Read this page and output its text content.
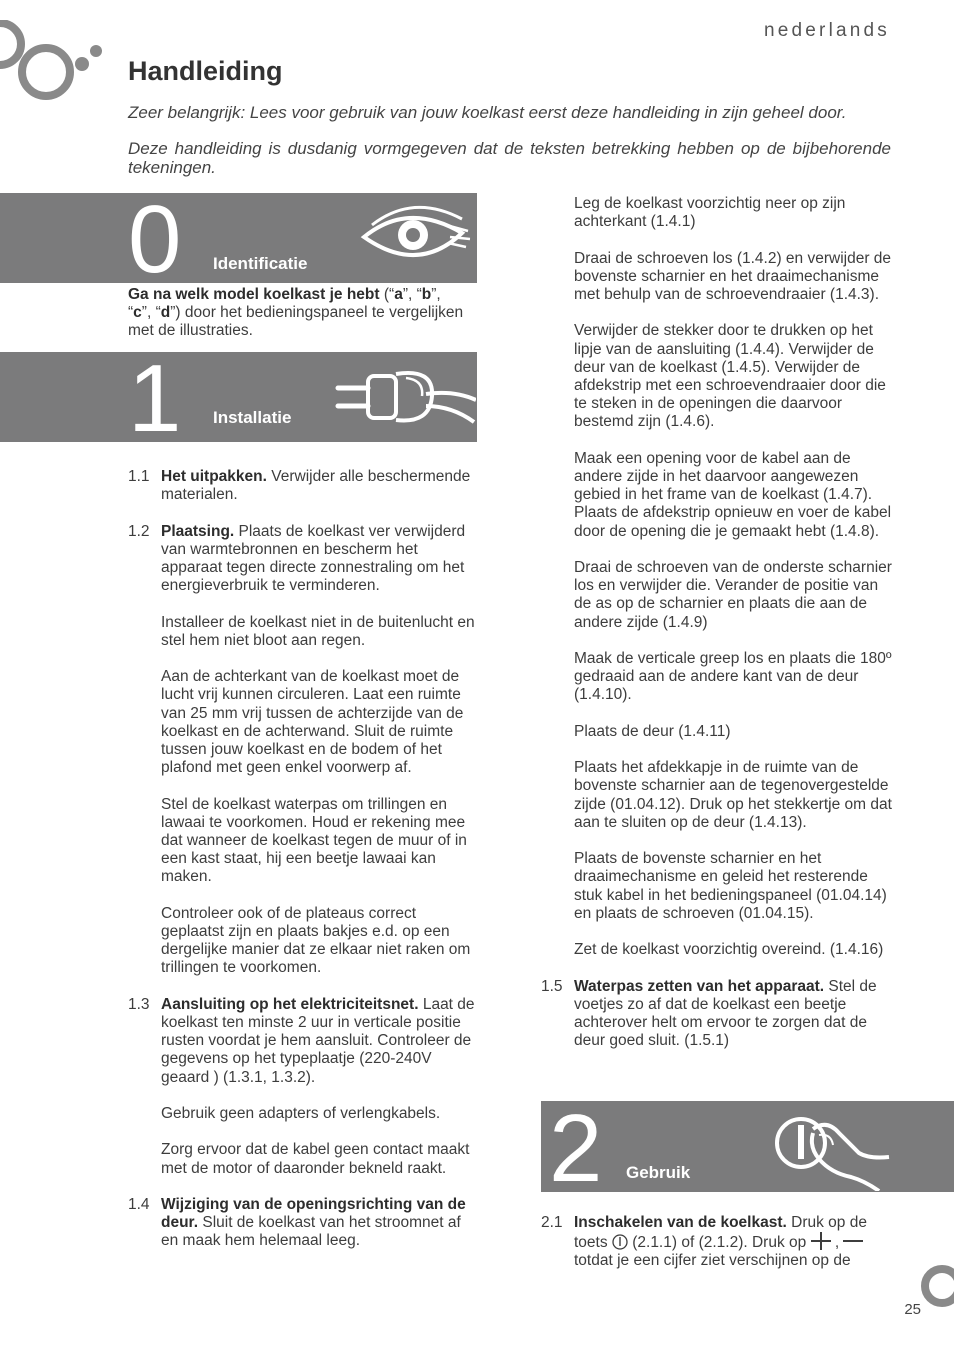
nederlands
Handleiding
Zeer belangrijk: Lees voor gebruik van jouw koelkast eerst deze handleiding in zijn geheel door.
Deze handleiding is dusdanig vormgegeven dat de teksten betrekking hebben op de bijbehorende tekeningen.
0 Identificatie
Ga na welk model koelkast je hebt (“a”, “b”,
“c”, “d”) door het bedieningspaneel te vergelijken met de illustraties.
1 Installatie
1.1 Het uitpakken. Verwijder alle beschermende materialen.
1.2 Plaatsing. Plaats de koelkast ver verwijderd van warmtebronnen en bescherm het apparaat tegen directe zonnestraling om het energieverbruik te verminderen.

Installeer de koelkast niet in de buitenlucht en stel hem niet bloot aan regen.

Aan de achterkant van de koelkast moet de lucht vrij kunnen circuleren. Laat een ruimte van 25 mm vrij tussen de achterzijde van de koelkast en de achterwand. Sluit de ruimte tussen jouw koelkast en de bodem of het plafond met geen enkel voorwerp af.

Stel de koelkast waterpas om trillingen en lawaai te voorkomen. Houd er rekening mee dat wanneer de koelkast tegen de muur of in een kast staat, hij een beetje lawaai kan maken.

Controleer ook of de plateaus correct geplaatst zijn en plaats bakjes e.d. op een dergelijke manier dat ze elkaar niet raken om trillingen te voorkomen.

1.3 Aansluiting op het elektriciteitsnet. Laat de koelkast ten minste 2 uur in verticale positie rusten voordat je hem aansluit. Controleer de gegevens op het typeplaatje (220-240V geaard ) (1.3.1, 1.3.2).

Gebruik geen adapters of verlengkabels.

Zorg ervoor dat de kabel geen contact maakt met de motor of daaronder bekneld raakt.

1.4 Wijziging van de openingsrichting van de deur. Sluit de koelkast van het stroomnet af en maak hem helemaal leeg.

Leg de koelkast voorzichtig neer op zijn achterkant (1.4.1)

Draai de schroeven los (1.4.2) en verwijder de bovenste scharnier en het draaimechanisme met behulp van de schroevendraaier (1.4.3).

Verwijder de stekker door te drukken op het lipje van de aansluiting (1.4.4). Verwijder de deur van de koelkast (1.4.5). Verwijder de afdekstrip met een schroevendraaier door die te steken in de openingen die daarvoor bestemd zijn (1.4.6).

Maak een opening voor de kabel aan de andere zijde in het daarvoor aangewezen gebied in het frame van de koelkast (1.4.7). Plaats de afdekstrip opnieuw en voer de kabel door de opening die je gemaakt hebt (1.4.8).

Draai de schroeven van de onderste scharnier los en verwijder die. Verander de positie van de as op de scharnier en plaats die aan de andere zijde (1.4.9)

Maak de verticale greep los en plaats die 180º gedraaid aan de andere kant van de deur (1.4.10).

Plaats de deur (1.4.11)

Plaats het afdekkapje in de ruimte van de bovenste scharnier aan de tegenovergestelde zijde (01.04.12). Druk op het stekkertje om dat aan te sluiten op de deur (1.4.13).

Plaats de bovenste scharnier en het draaimechanisme en geleid het resterende stuk kabel in het bedieningspaneel (01.04.14) en plaats de schroeven (01.04.15).

Zet de koelkast voorzichtig overeind. (1.4.16)

1.5 Waterpas zetten van het apparaat. Stel de voetjes zo af dat de koelkast een beetje achterover helt om ervoor te zorgen dat de deur goed sluit. (1.5.1)
2 Gebruik
2.1 Inschakelen van de koelkast. Druk op de toets  (2.1.1) of (2.1.2). Druk op  ,
totdat je een cijfer ziet verschijnen op de
25
